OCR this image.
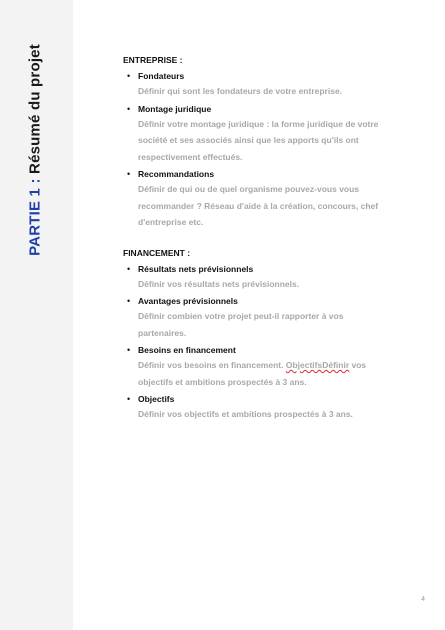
PARTIE 1 : Résumé du projet	ENTREPRISE :
• Fondateurs
Définir qui sont les fondateurs de votre entreprise.
• Montage juridique
Définir votre montage juridique : la forme juridique de votre société et ses associés ainsi que les apports qu'ils ont respectivement effectués.
• Recommandations
Définir de qui ou de quel organisme pouvez-vous vous recommander ? Réseau d'aide à la création, concours, chef d'entreprise etc.
FINANCEMENT :
• Résultats nets prévisionnels
Définir vos résultats nets prévisionnels.
• Avantages prévisionnels
Définir combien votre projet peut-il rapporter à vos partenaires.
• Besoins en financement
Définir vos besoins en financement. ObjectifsDéfinir vos objectifs et ambitions prospectés à 3 ans.
• Objectifs
Définir vos objectifs et ambitions prospectés à 3 ans.
4
